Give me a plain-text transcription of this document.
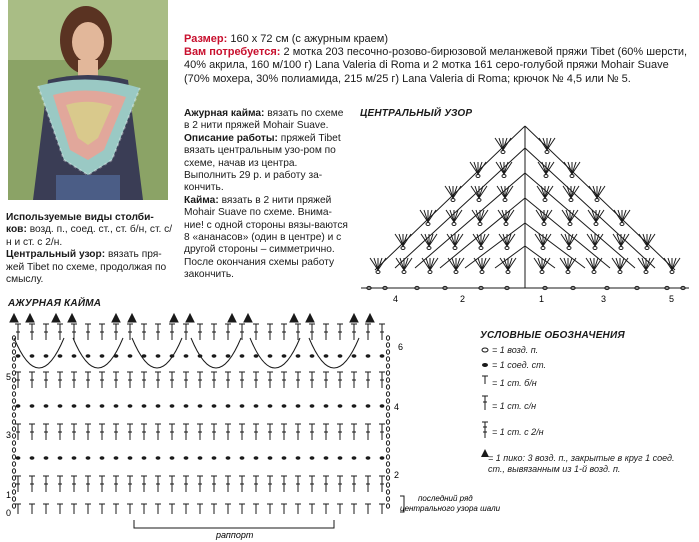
Размер: 160 х 72 см (с ажурным краем)
Вам потребуется: 2 мотка 203 песочно-розово-бирюзовой меланжевой пряжи Tibet (60% шерсти, 40% акрила, 160 м/100 г) Lana Valeria di Roma и 2 мотка 161 серо-голубой пряжи Mohair Suave (70% мохера, 30% полиамида, 215 м/25 г) Lana Valeria di Roma; крючок № 4,5 или № 5.
Используемые виды столби-ков: возд. п., соед. ст., ст. б/н, ст. с/н и ст. с 2/н.
Центральный узор: вязать пря-жей Tibet по схеме, продолжая по смыслу.
Ажурная кайма: вязать по схеме в 2 нити пряжей Mohair Suave.
Описание работы: пряжей Tibet вязать центральным узо-ром по схеме, начав из центра. Выполнить 29 р. и работу за-кончить.
Кайма: вязать в 2 нити пряжей Mohair Suave по схеме. Внима-ние! с одной стороны вязы-ваются 8 «ананасов» (один в центре) и с другой стороны – симметрично. После окончания схемы работу закончить.
ЦЕНТРАЛЬНЫЙ УЗОР
4	2	1	3	5
АЖУРНАЯ КАЙМА
5
3
1
0
6
4
2
раппорт
последний ряд центрального узора шали
УСЛОВНЫЕ ОБОЗНАЧЕНИЯ
= 1 возд. п.
= 1 соед. ст.
= 1 ст. б/н
= 1 ст. с/н
= 1 ст. с 2/н
= 1 пико: 3 возд. п., закрытые в круг 1 соед. ст., вывязанным из 1-й возд. п.
